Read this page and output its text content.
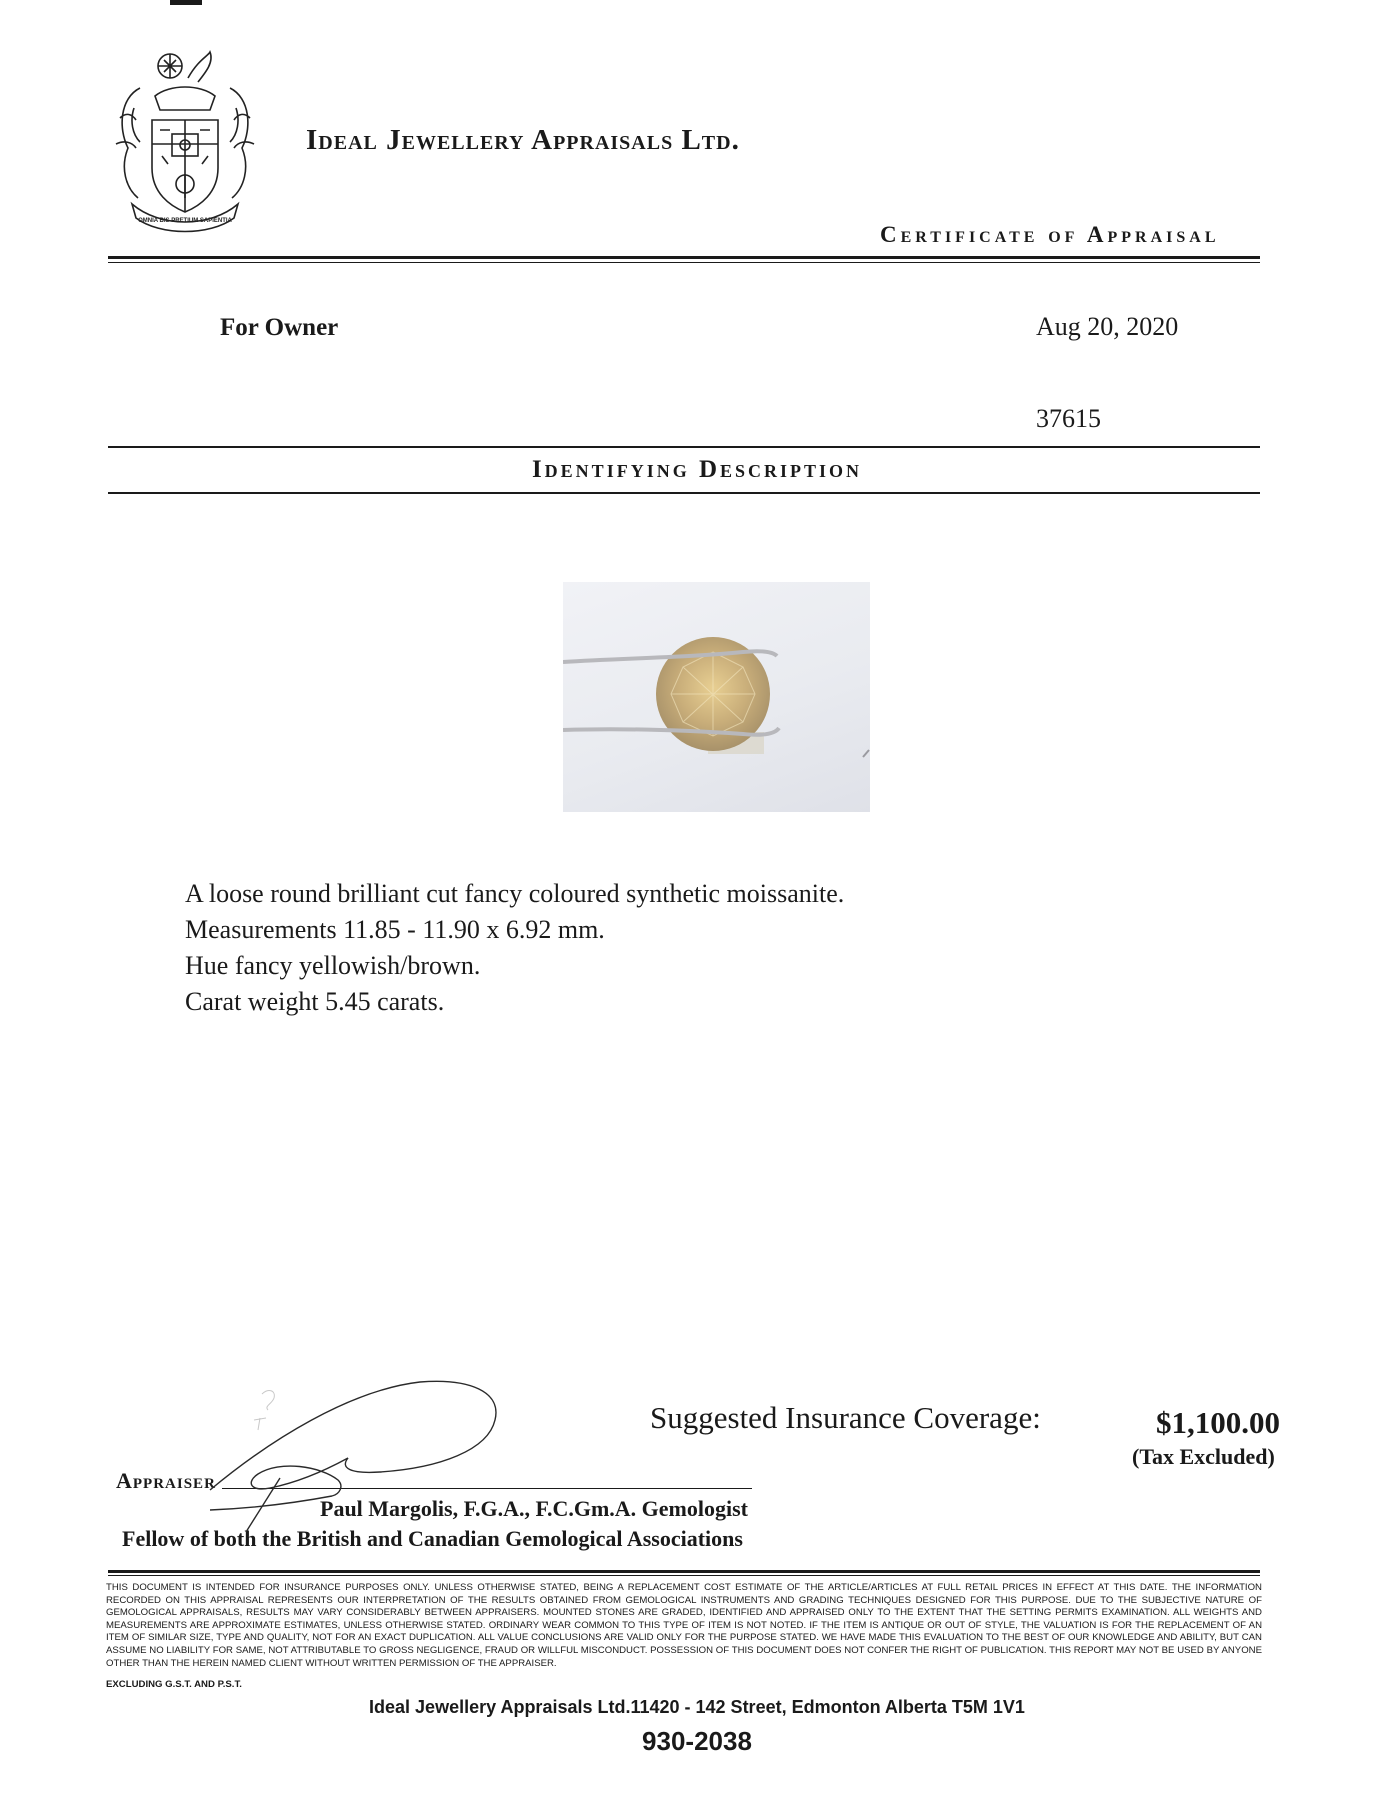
OMNIA BIS PRETIUM SAPIENTIA
Ideal Jewellery Appraisals Ltd.
Certificate of Appraisal
For Owner	Aug 20, 2020
37615
Identifying Description
A loose round brilliant cut fancy coloured synthetic moissanite.
Measurements 11.85 - 11.90 x 6.92 mm.
Hue fancy yellowish/brown.
Carat weight 5.45 carats.
Suggested Insurance Coverage:	$1,100.00
(Tax Excluded)
Appraiser
Paul Margolis, F.G.A., F.C.Gm.A. Gemologist
Fellow of both the British and Canadian Gemological Associations
THIS DOCUMENT IS INTENDED FOR INSURANCE PURPOSES ONLY. UNLESS OTHERWISE STATED, BEING A REPLACEMENT COST ESTIMATE OF THE ARTICLE/ARTICLES AT FULL RETAIL PRICES IN EFFECT AT THIS DATE. THE INFORMATION RECORDED ON THIS APPRAISAL REPRESENTS OUR INTERPRETATION OF THE RESULTS OBTAINED FROM GEMOLOGICAL INSTRUMENTS AND GRADING TECHNIQUES DESIGNED FOR THIS PURPOSE. DUE TO THE SUBJECTIVE NATURE OF GEMOLOGICAL APPRAISALS, RESULTS MAY VARY CONSIDERABLY BETWEEN APPRAISERS. MOUNTED STONES ARE GRADED, IDENTIFIED AND APPRAISED ONLY TO THE EXTENT THAT THE SETTING PERMITS EXAMINATION. ALL WEIGHTS AND MEASUREMENTS ARE APPROXIMATE ESTIMATES, UNLESS OTHERWISE STATED. ORDINARY WEAR COMMON TO THIS TYPE OF ITEM IS NOT NOTED. IF THE ITEM IS ANTIQUE OR OUT OF STYLE, THE VALUATION IS FOR THE REPLACEMENT OF AN ITEM OF SIMILAR SIZE, TYPE AND QUALITY, NOT FOR AN EXACT DUPLICATION. ALL VALUE CONCLUSIONS ARE VALID ONLY FOR THE PURPOSE STATED. WE HAVE MADE THIS EVALUATION TO THE BEST OF OUR KNOWLEDGE AND ABILITY, BUT CAN ASSUME NO LIABILITY FOR SAME, NOT ATTRIBUTABLE TO GROSS NEGLIGENCE, FRAUD OR WILLFUL MISCONDUCT. POSSESSION OF THIS DOCUMENT DOES NOT CONFER THE RIGHT OF PUBLICATION. THIS REPORT MAY NOT BE USED BY ANYONE OTHER THAN THE HEREIN NAMED CLIENT WITHOUT WRITTEN PERMISSION OF THE APPRAISER.
EXCLUDING G.S.T. AND P.S.T.
Ideal Jewellery Appraisals Ltd.11420 - 142 Street, Edmonton Alberta T5M 1V1
930-2038
